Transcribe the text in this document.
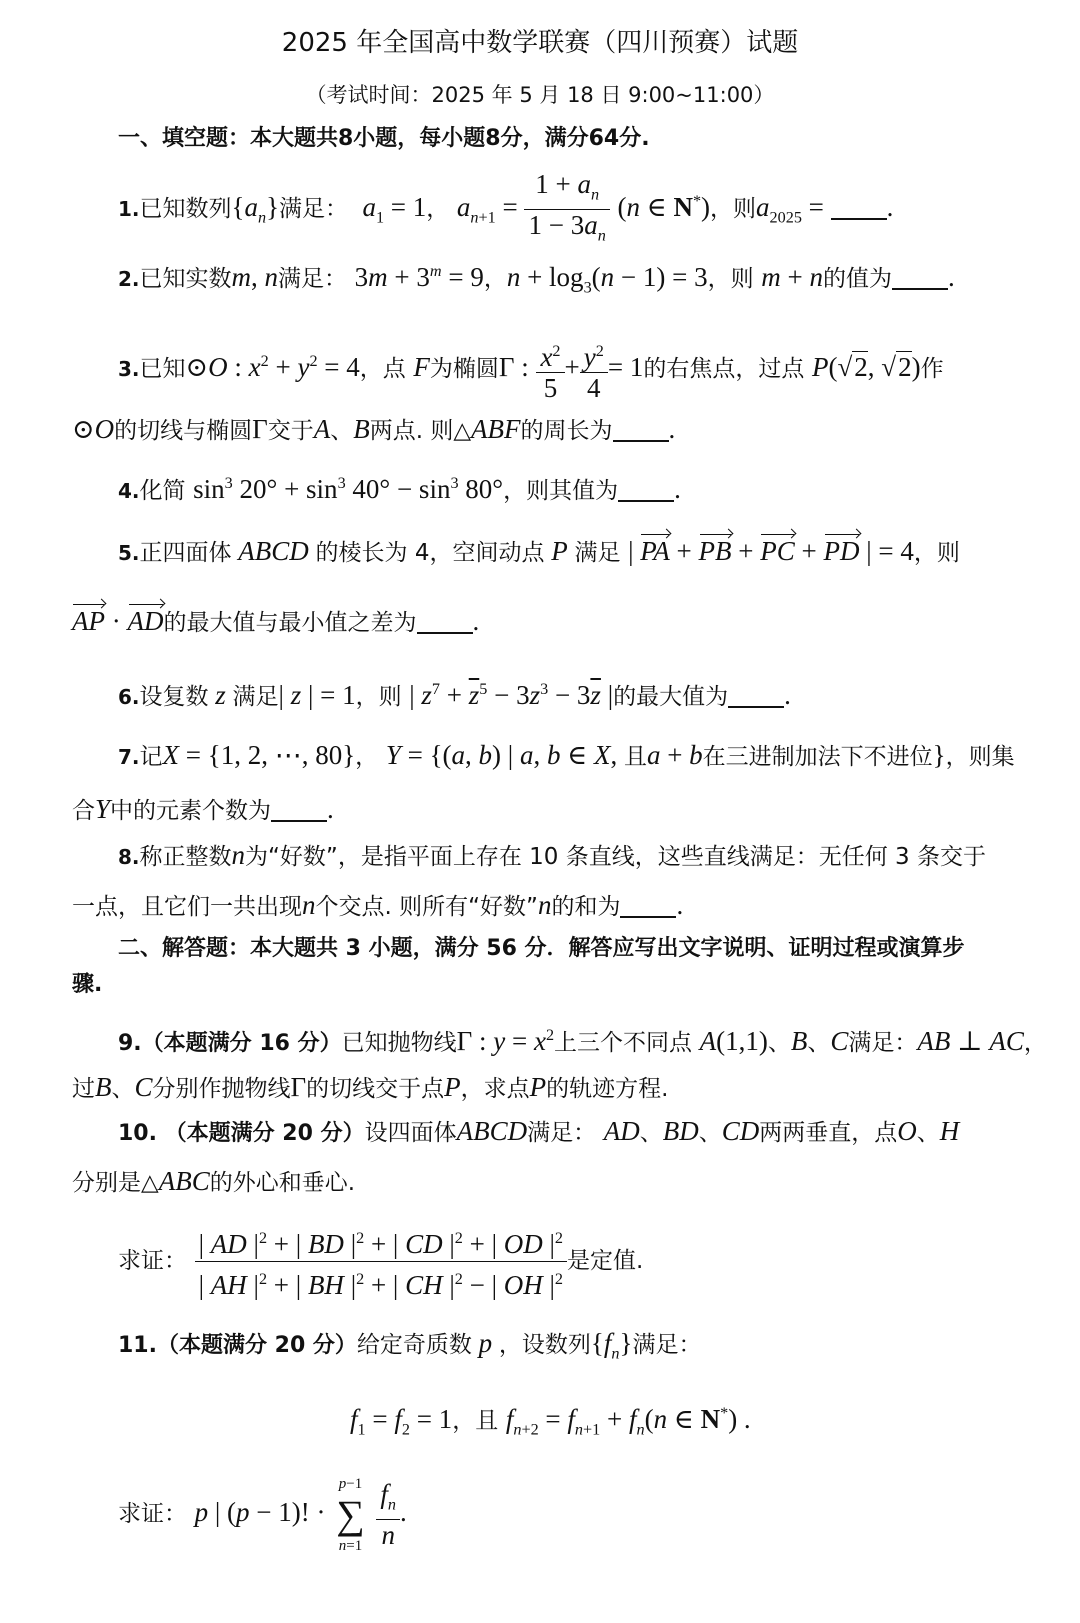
2025 年全国高中数学联赛（四川预赛）试题
（考试时间：2025 年 5 月 18 日 9:00~11:00）
一、填空题：本大题共8小题，每小题8分，满分64分.
1.已知数列$\{a_n\}$满足： $a_1 = 1$， $a_{n+1} = \frac{1 + a_n}{1 - 3a_n} (n$ ∈ N*)，则$a_{2025}$ = .
2.已知实数m, n满足： $3m + 3^m = 9$，$n + \log_3(n - 1) = 3$，则 m + n的值为 .
3.已知⊙O : $x^2 + y^2 = 4$，点 F为椭圆Γ : $\frac{x^2}{5} + \frac{y^2}{4} = 1$的右焦点，过点 P(√2, √2)作
⊙O的切线与椭圆Γ交于A、B两点. 则△ABF的周长为 .
4.化简 $\sin^3 20^\circ + \sin^3 40^\circ - \sin^3 80^\circ$，则其值为 .
5.正四面体 ABCD 的棱长为 4，空间动点 P 满足 | PA + PB + PC + PD | = 4，则
AP · AD的最大值与最小值之差为 .
6.设复数 z 满足| z | = 1，则 | $z^7 + \overline{z}^5 - 3z^3 - 3\overline{z}$ |的最大值为 .
7.记X = {1, 2, ⋯, 80}， Y = {(a, b) | a, b ∈ X, 且a + b在三进制加法下不进位}，则集
合Y中的元素个数为 .
8.称正整数n为“好数”，是指平面上存在 10 条直线，这些直线满足：无任何 3 条交于
一点，且它们一共出现n个交点. 则所有“好数”n的和为 .
二、解答题：本大题共 3 小题，满分 56 分．解答应写出文字说明、证明过程或演算步
骤.
9.（本题满分 16 分）已知抛物线Γ : $y = x^2$上三个不同点 A(1,1)、B、C满足：AB ⊥ AC，
过B、C分别作抛物线Γ的切线交于点P，求点P的轨迹方程.
10. （本题满分 20 分）设四面体ABCD满足： AD、BD、CD两两垂直，点O、H
分别是△ABC的外心和垂心.
求证： $\frac{| AD |^2 + | BD |^2 + | CD |^2 + | OD |^2}{| AH |^2 + | BH |^2 + | CH |^2 - | OH |^2}$ 是定值.
11.（本题满分 20 分）给定奇质数 p ，设数列$\{f_n\}$满足：
$f_1 = f_2 = 1$，且 $f_{n+2} = f_{n+1} + f_n(n$ ∈ N*) .
求证： p | (p − 1)! ·
p−1
∑
n=1
$\frac{f_n}{n}$ .
